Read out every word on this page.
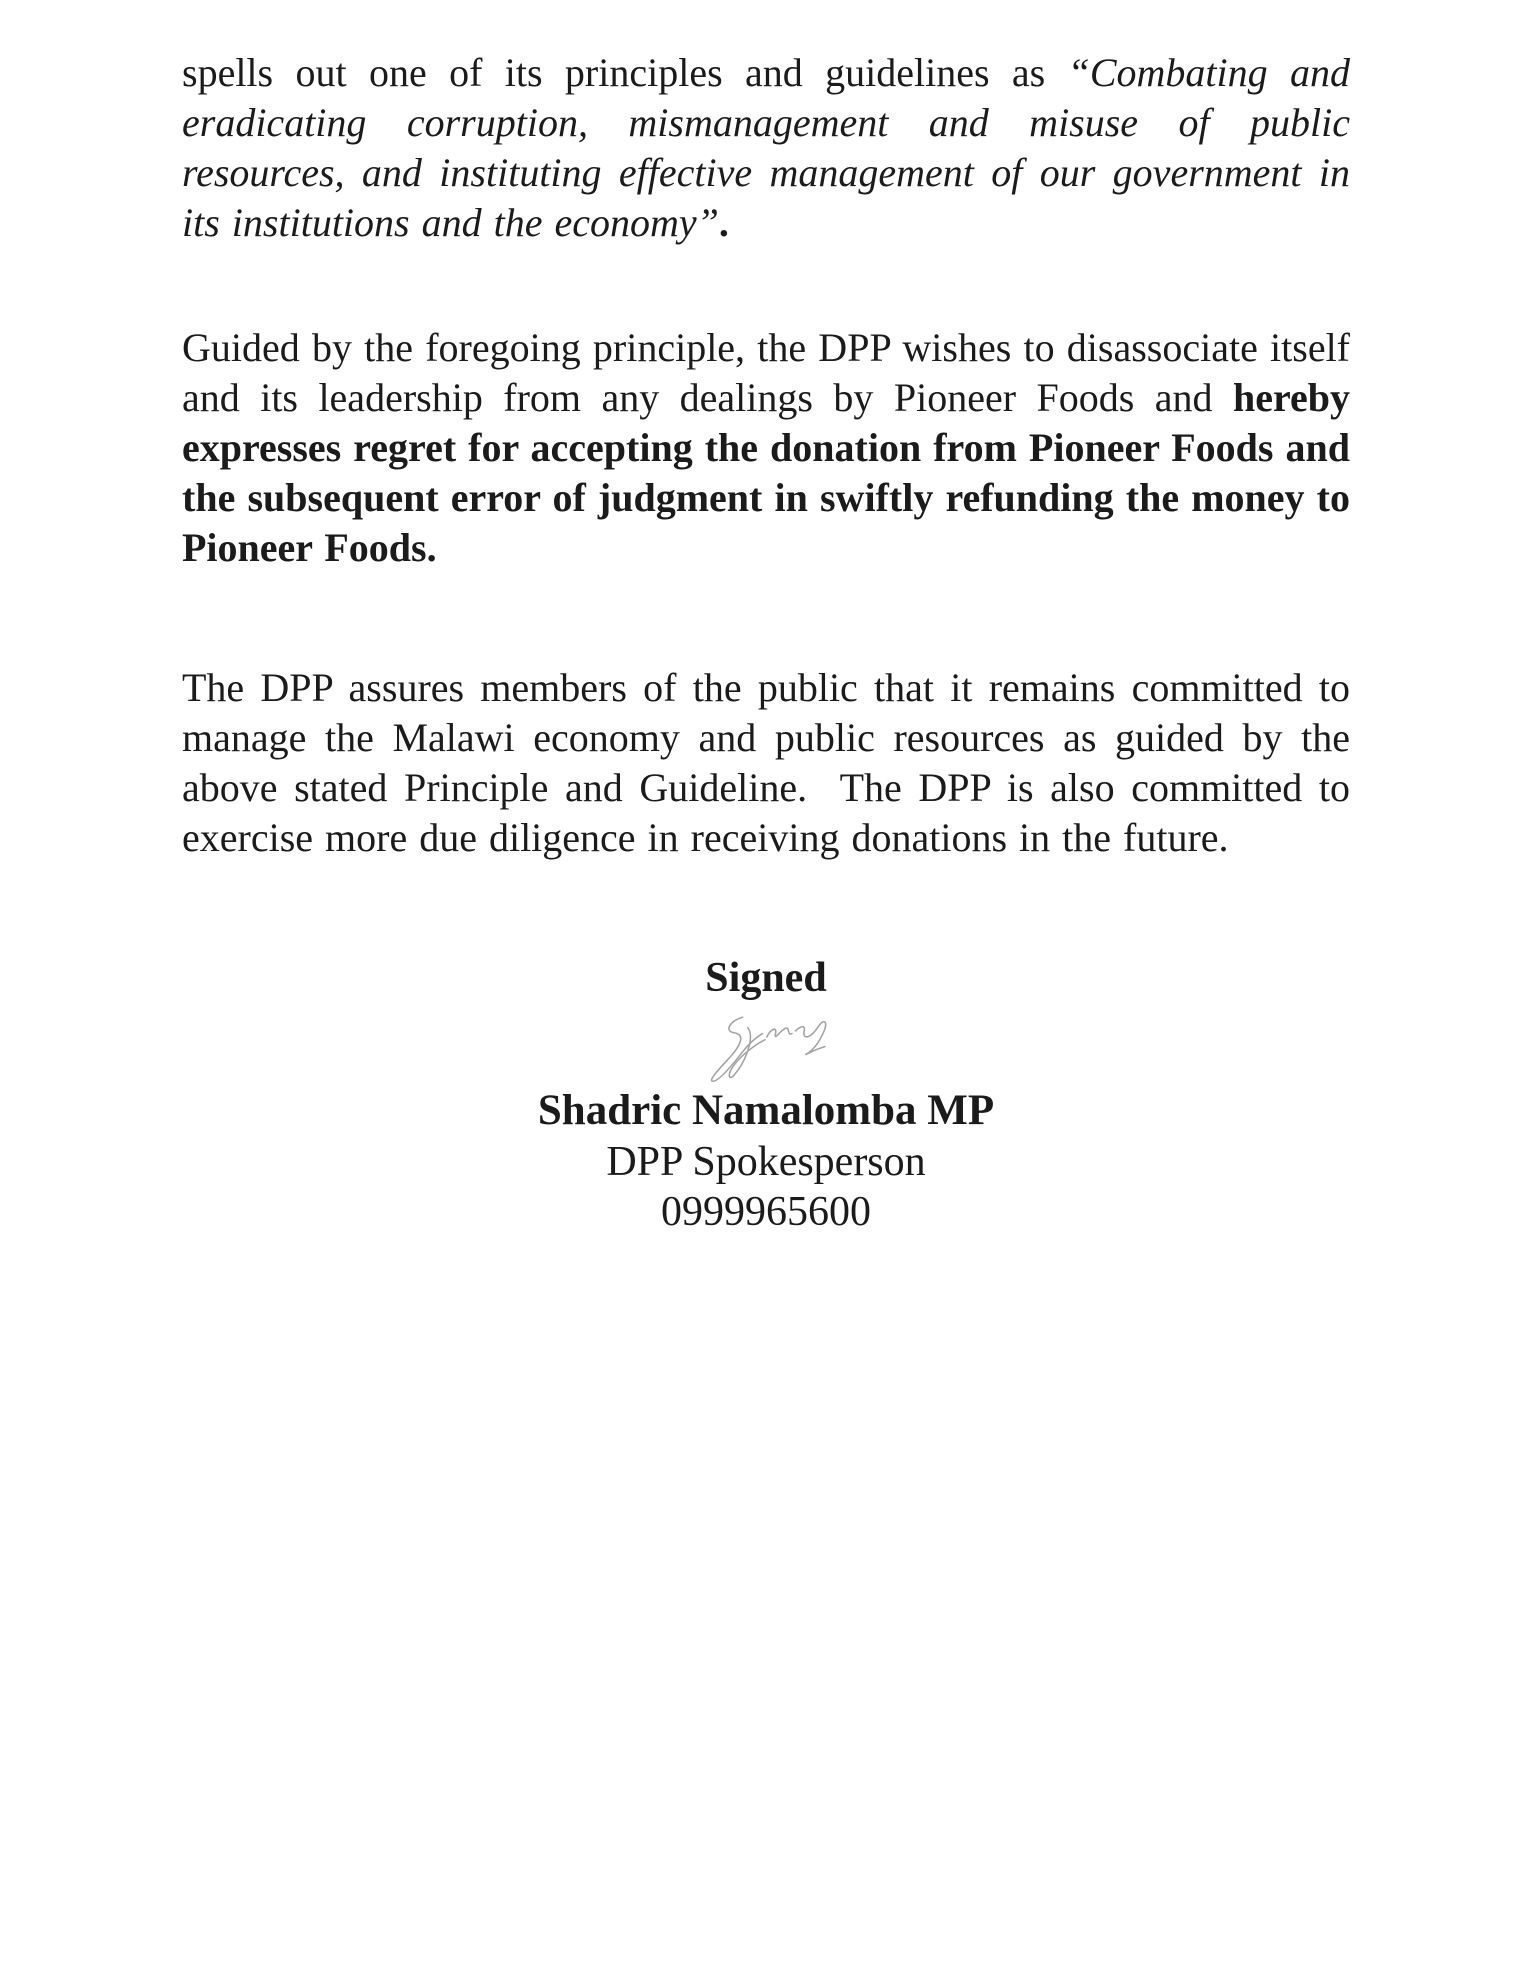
spells out one of its principles and guidelines as “Combating and eradicating corruption, mismanagement and misuse of public resources, and instituting effective management of our government in its institutions and the economy”.

Guided by the foregoing principle, the DPP wishes to disassociate itself and its leadership from any dealings by Pioneer Foods and hereby expresses regret for accepting the donation from Pioneer Foods and the subsequent error of judgment in swiftly refunding the money to Pioneer Foods.

The DPP assures members of the public that it remains committed to manage the Malawi economy and public resources as guided by the above stated Principle and Guideline.  The DPP is also committed to exercise more due diligence in receiving donations in the future.

Signed
Shadric Namalomba MP
DPP Spokesperson
0999965600
